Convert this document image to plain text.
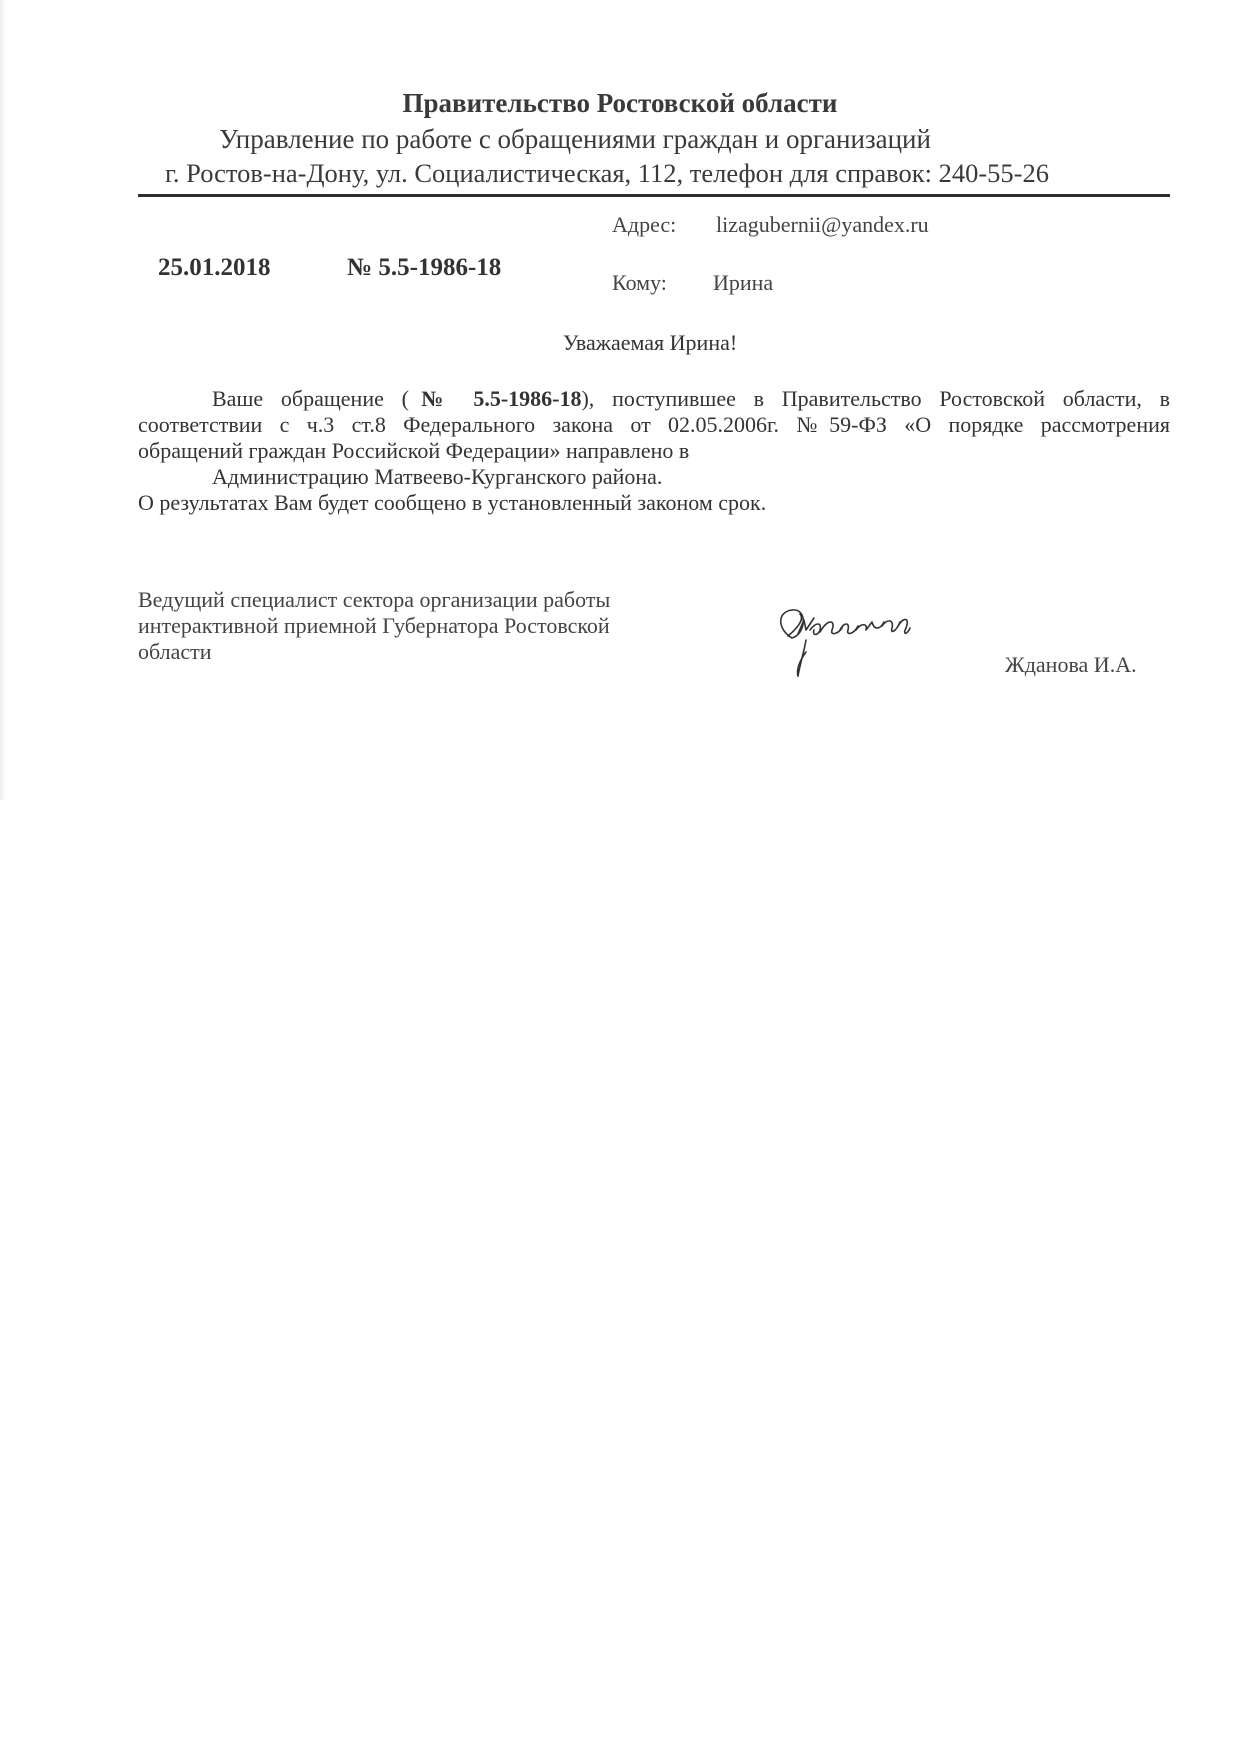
Правительство Ростовской области
Управление по работе с обращениями граждан и организаций
г. Ростов-на-Дону, ул. Социалистическая, 112, телефон для справок: 240-55-26
Адрес: lizagubernii@yandex.ru
Кому: Ирина
25.01.2018	№ 5.5-1986-18
Уважаемая Ирина!
Ваше обращение (№ 5.5-1986-18), поступившее в Правительство Ростовской области, в
соответствии с ч.3 ст.8 Федерального закона от 02.05.2006г. №59-ФЗ «О порядке рассмотрения
обращений граждан Российской Федерации» направлено в
Администрацию Матвеево-Курганского района.
О результатах Вам будет сообщено в установленный законом срок.
Ведущий специалист сектора организации работы
интерактивной приемной Губернатора Ростовской
области
Жданова И.А.
